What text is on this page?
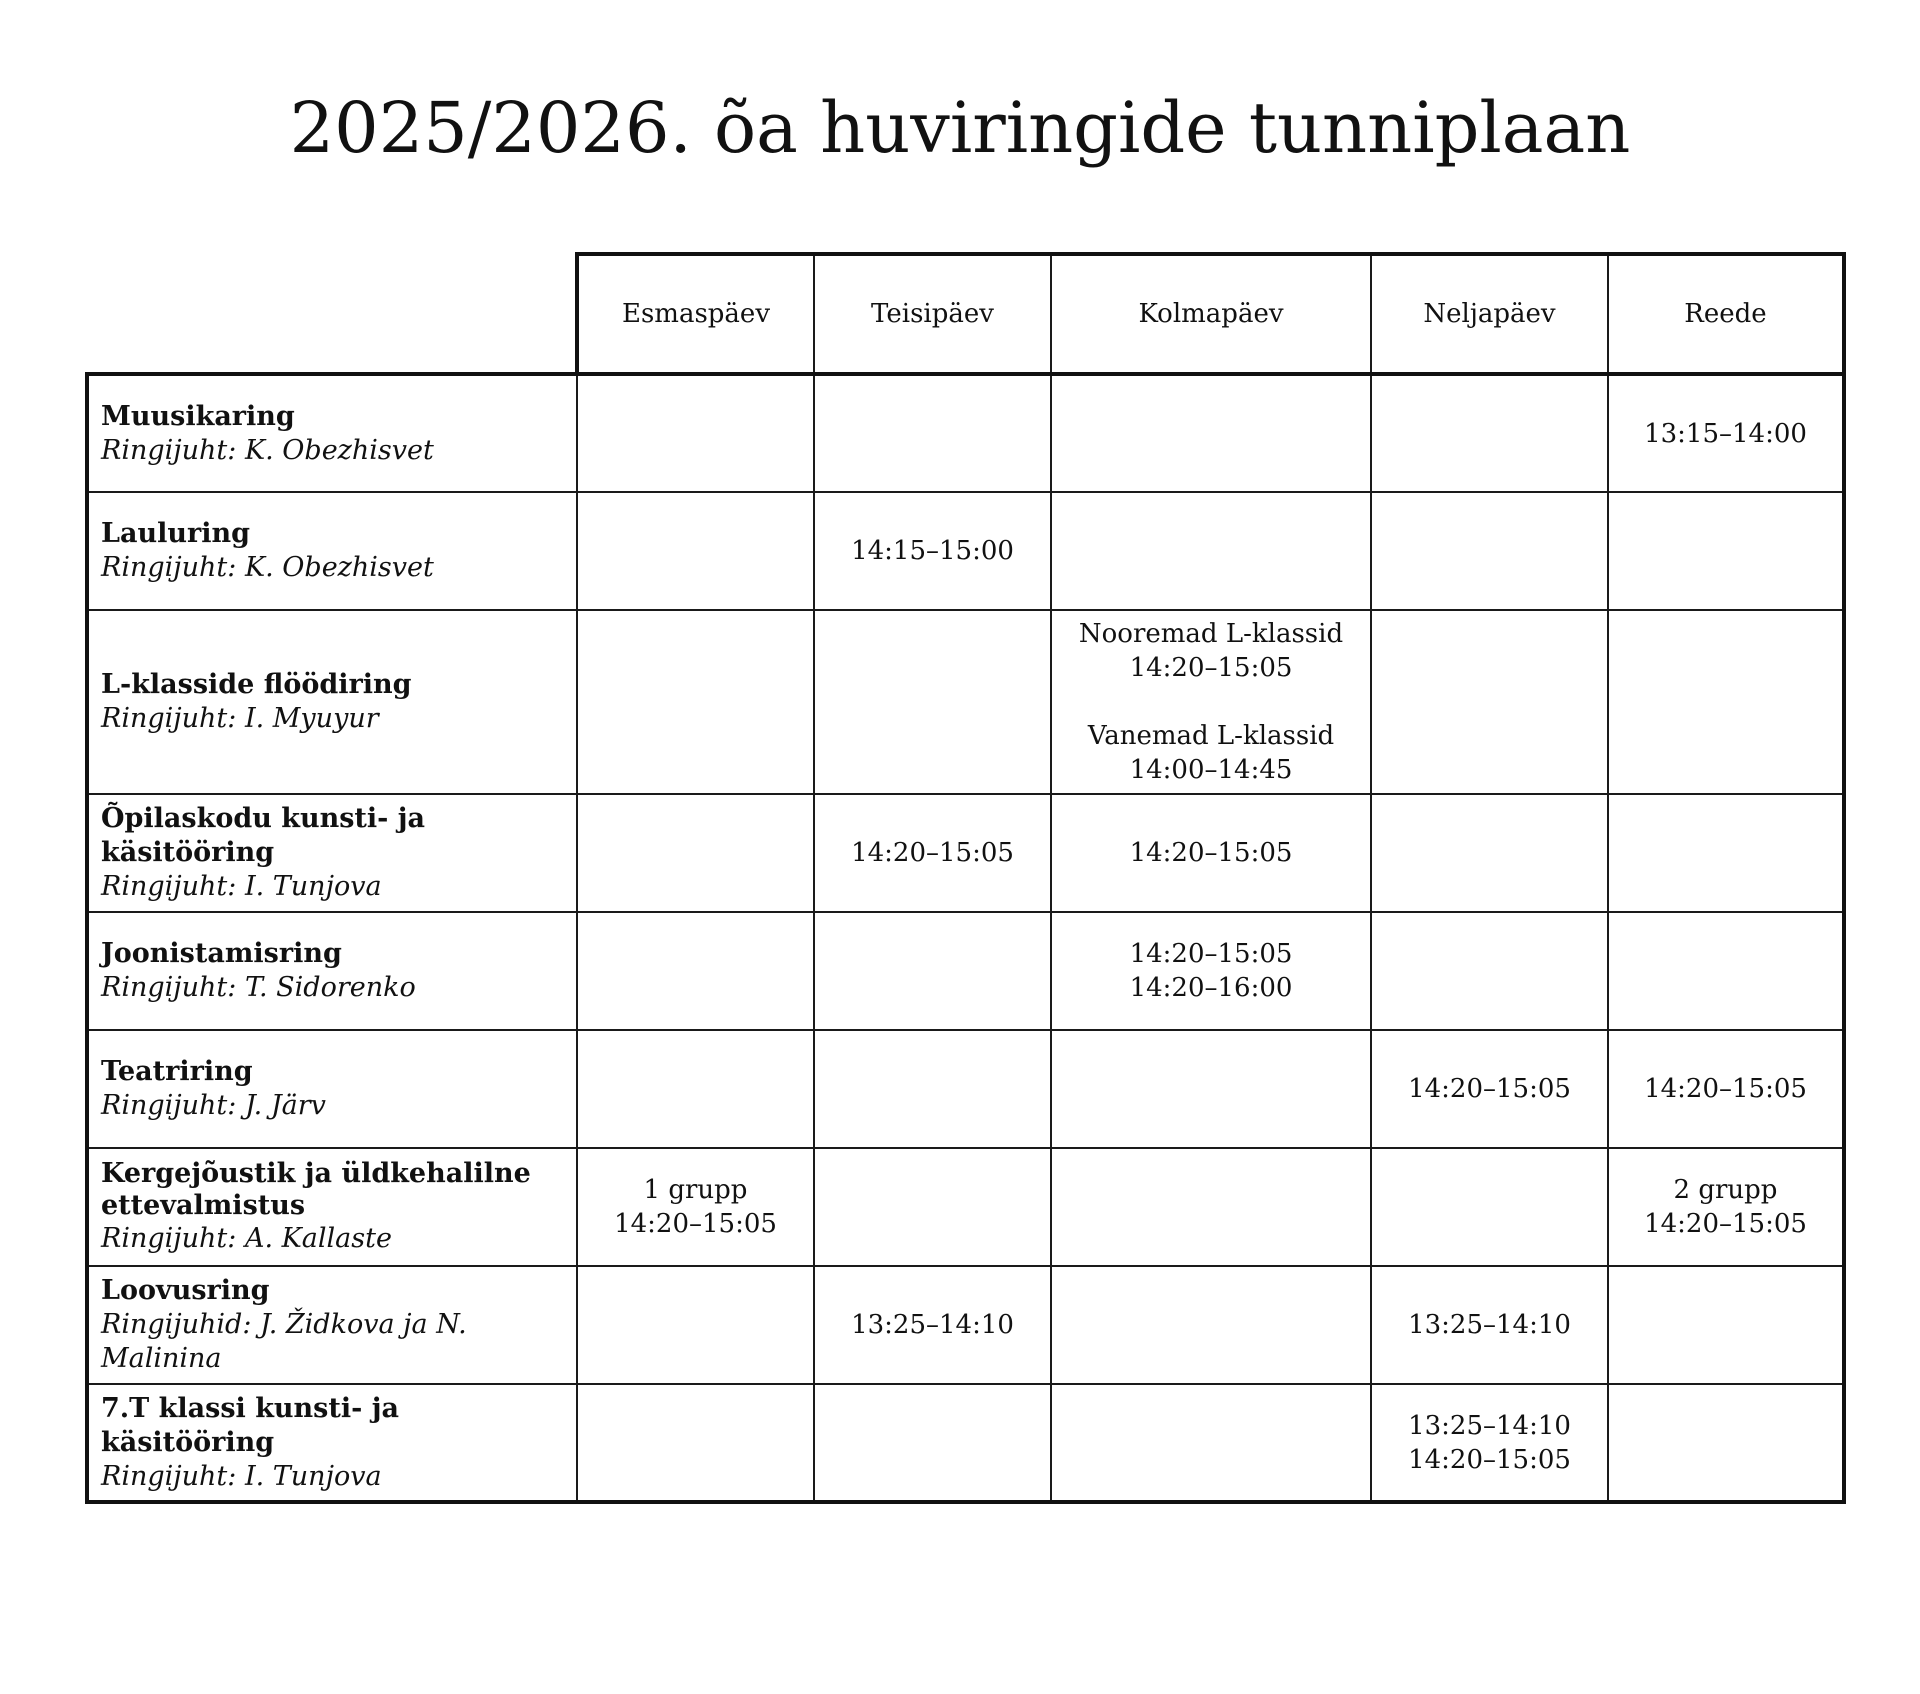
2025/2026. õa huviringide tunniplaan
	Esmaspäev	Teisipäev	Kolmapäev	Neljapäev	Reede

Muusikaring
Ringijuht: K. Obezhisvet					13:15–14:00

Lauluring
Ringijuht: K. Obezhisvet		14:15–15:00			

L-klasside flöödiring
Ringijuht: I. Myuyur			Nooremad L-klassid
14:20–15:05
Vanemad L-klassid
14:00–14:45		

Õpilaskodu kunsti- ja käsitööring
Ringijuht: I. Tunjova		14:20–15:05	14:20–15:05		

Joonistamisring
Ringijuht: T. Sidorenko			14:20–15:05
14:20–16:00		

Teatriring
Ringijuht: J. Järv				14:20–15:05	14:20–15:05

Kergejõustik ja üldkehalilne ettevalmistus
Ringijuht: A. Kallaste	1 grupp
14:20–15:05				2 grupp
14:20–15:05

Loovusring
Ringijuhid: J. Židkova ja N. Malinina		13:25–14:10		13:25–14:10	

7.T klassi kunsti- ja käsitööring
Ringijuht: I. Tunjova				13:25–14:10
14:20–15:05	
